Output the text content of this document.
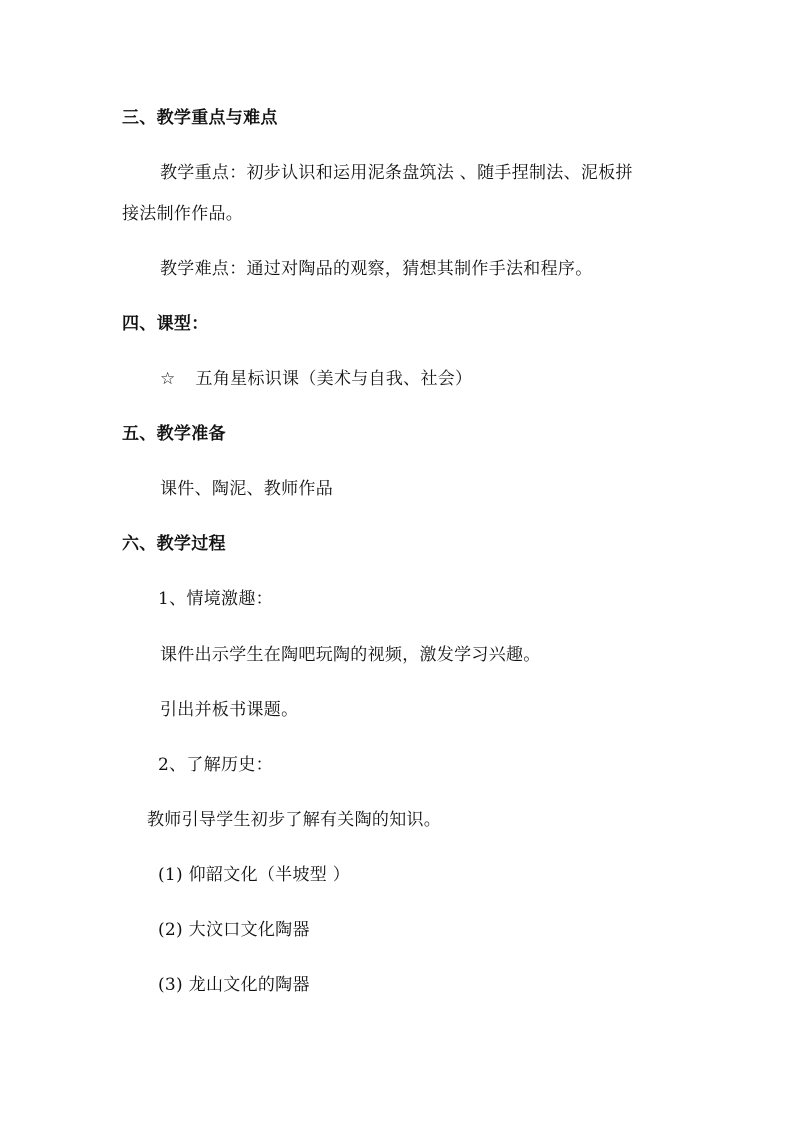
三、教学重点与难点
教学重点：初步认识和运用泥条盘筑法 、随手捏制法、泥板拼
接法制作作品。
教学难点：通过对陶品的观察，猜想其制作手法和程序。
四、课型：
☆ 五角星标识课（美术与自我、社会）
五、教学准备
课件、陶泥、教师作品
六、教学过程
1、情境激趣：
课件出示学生在陶吧玩陶的视频，激发学习兴趣。
引出并板书课题。
2、了解历史：
教师引导学生初步了解有关陶的知识。
(1) 仰韶文化（半坡型 ）
(2) 大汶口文化陶器
(3) 龙山文化的陶器
